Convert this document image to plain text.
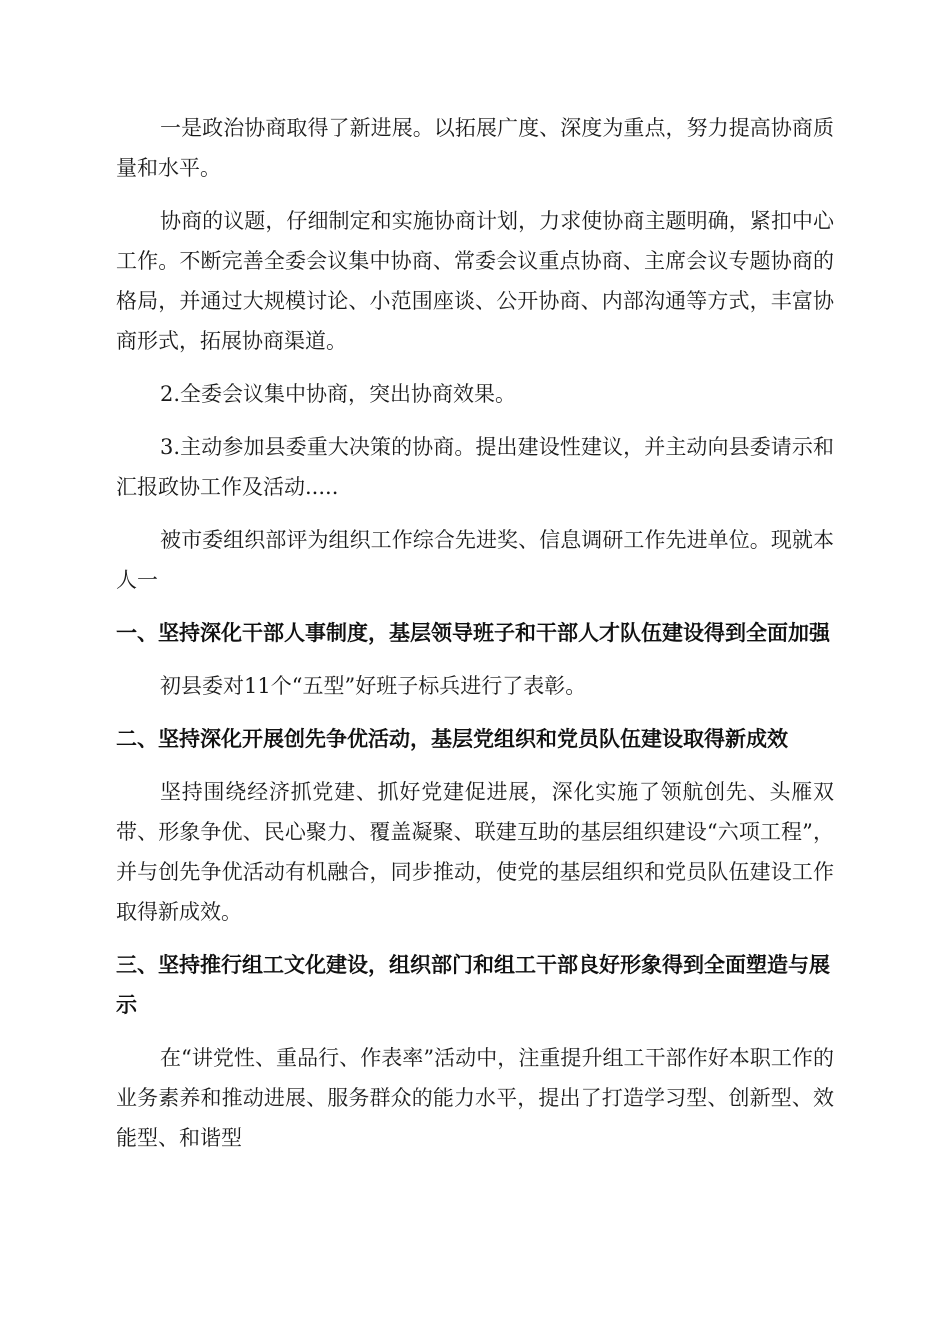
一是政治协商取得了新进展。以拓展广度、深度为重点，努力提高协商质量和水平。

协商的议题，仔细制定和实施协商计划，力求使协商主题明确，紧扣中心工作。不断完善全委会议集中协商、常委会议重点协商、主席会议专题协商的格局，并通过大规模讨论、小范围座谈、公开协商、内部沟通等方式，丰富协商形式，拓展协商渠道。

2.全委会议集中协商，突出协商效果。

3.主动参加县委重大决策的协商。提出建设性建议，并主动向县委请示和汇报政协工作及活动.....

被市委组织部评为组织工作综合先进奖、信息调研工作先进单位。现就本人一

一、坚持深化干部人事制度，基层领导班子和干部人才队伍建设得到全面加强

初县委对11个“五型”好班子标兵进行了表彰。

二、坚持深化开展创先争优活动，基层党组织和党员队伍建设取得新成效

坚持围绕经济抓党建、抓好党建促进展，深化实施了领航创先、头雁双带、形象争优、民心聚力、覆盖凝聚、联建互助的基层组织建设“六项工程”，并与创先争优活动有机融合，同步推动，使党的基层组织和党员队伍建设工作取得新成效。

三、坚持推行组工文化建设，组织部门和组工干部良好形象得到全面塑造与展示

在“讲党性、重品行、作表率”活动中，注重提升组工干部作好本职工作的业务素养和推动进展、服务群众的能力水平，提出了打造学习型、创新型、效能型、和谐型
